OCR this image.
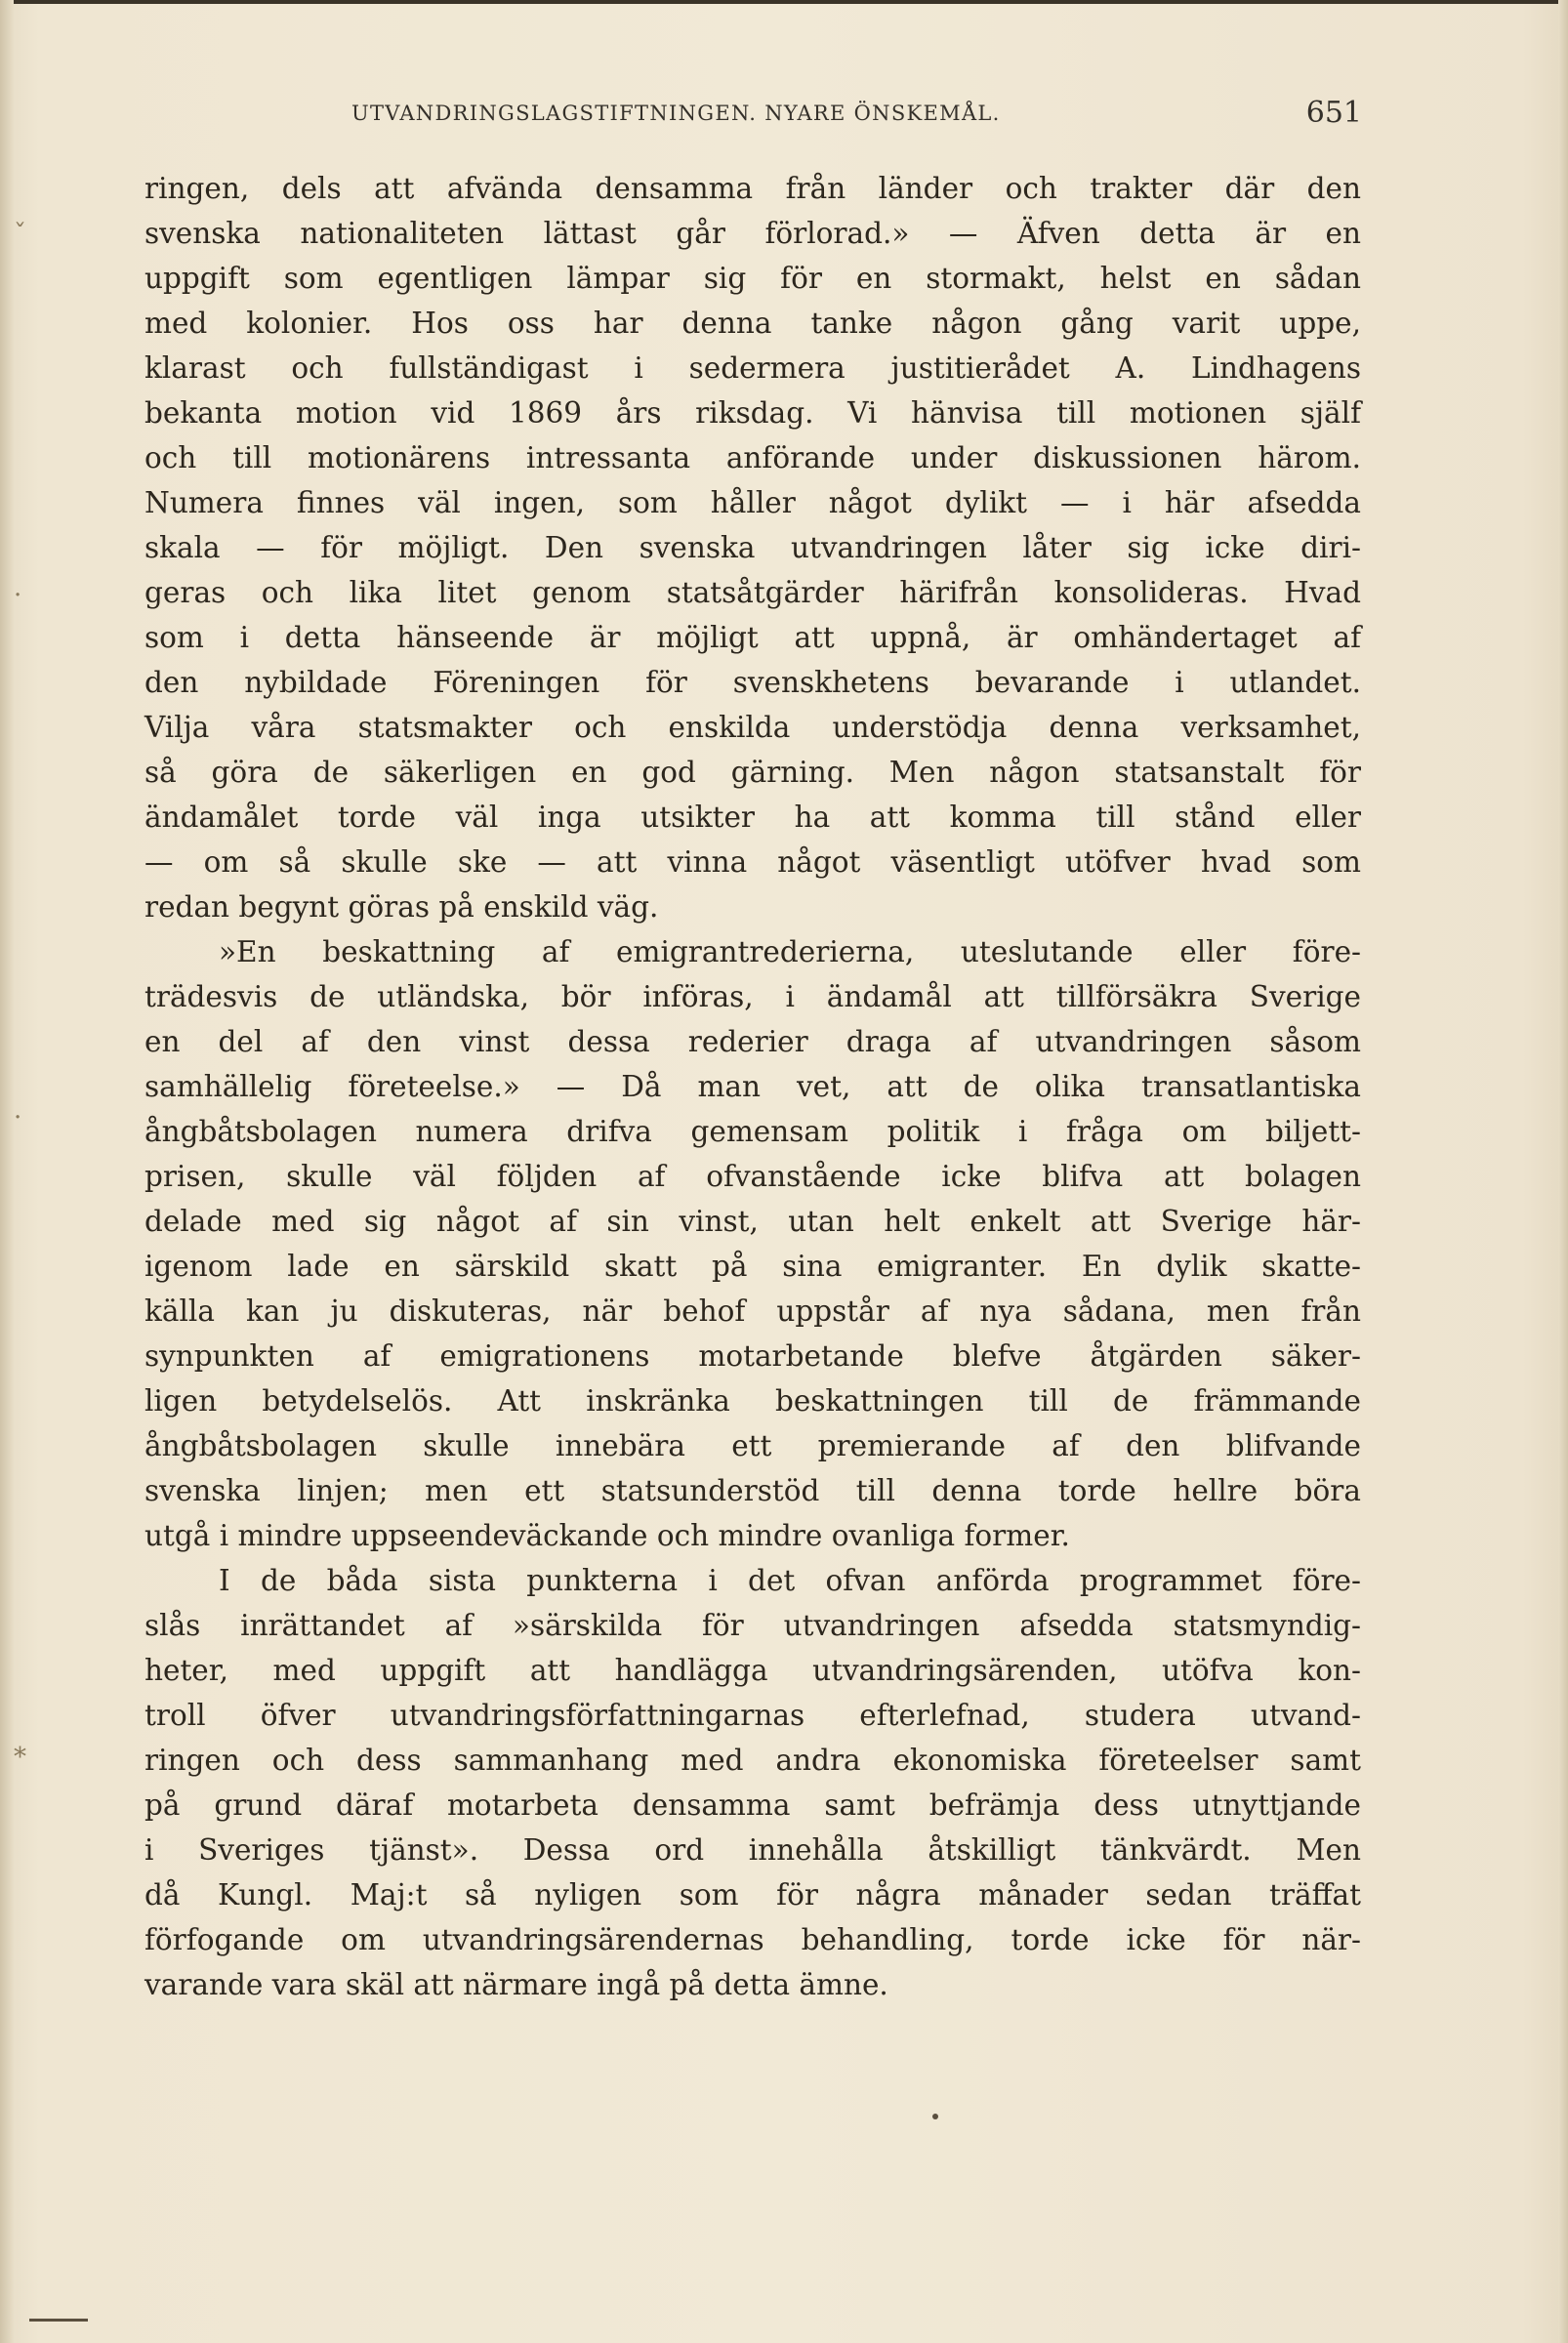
UTVANDRINGSLAGSTIFTNINGEN. NYARE ÖNSKEMÅL.	651
ˇ
·
·
*
ringen, dels att afvända densamma från länder och trakter där den
svenska nationaliteten lättast går förlorad.» — Äfven detta är en
uppgift som egentligen lämpar sig för en stormakt, helst en sådan
med kolonier. Hos oss har denna tanke någon gång varit uppe,
klarast och fullständigast i sedermera justitierådet A. Lindhagens
bekanta motion vid 1869 års riksdag. Vi hänvisa till motionen själf
och till motionärens intressanta anförande under diskussionen härom.
Numera finnes väl ingen, som håller något dylikt — i här afsedda
skala — för möjligt. Den svenska utvandringen låter sig icke diri-
geras och lika litet genom statsåtgärder härifrån konsolideras. Hvad
som i detta hänseende är möjligt att uppnå, är omhändertaget af
den nybildade Föreningen för svenskhetens bevarande i utlandet.
Vilja våra statsmakter och enskilda understödja denna verksamhet,
så göra de säkerligen en god gärning. Men någon statsanstalt för
ändamålet torde väl inga utsikter ha att komma till stånd eller
— om så skulle ske — att vinna något väsentligt utöfver hvad som
redan begynt göras på enskild väg.
»En beskattning af emigrantrederierna, uteslutande eller före-
trädesvis de utländska, bör införas, i ändamål att tillförsäkra Sverige
en del af den vinst dessa rederier draga af utvandringen såsom
samhällelig företeelse.» — Då man vet, att de olika transatlantiska
ångbåtsbolagen numera drifva gemensam politik i fråga om biljett-
prisen, skulle väl följden af ofvanstående icke blifva att bolagen
delade med sig något af sin vinst, utan helt enkelt att Sverige här-
igenom lade en särskild skatt på sina emigranter. En dylik skatte-
källa kan ju diskuteras, när behof uppstår af nya sådana, men från
synpunkten af emigrationens motarbetande blefve åtgärden säker-
ligen betydelselös. Att inskränka beskattningen till de främmande
ångbåtsbolagen skulle innebära ett premierande af den blifvande
svenska linjen; men ett statsunderstöd till denna torde hellre böra
utgå i mindre uppseendeväckande och mindre ovanliga former.
I de båda sista punkterna i det ofvan anförda programmet före-
slås inrättandet af »särskilda för utvandringen afsedda statsmyndig-
heter, med uppgift att handlägga utvandringsärenden, utöfva kon-
troll öfver utvandringsförfattningarnas efterlefnad, studera utvand-
ringen och dess sammanhang med andra ekonomiska företeelser samt
på grund däraf motarbeta densamma samt befrämja dess utnyttjande
i Sveriges tjänst». Dessa ord innehålla åtskilligt tänkvärdt. Men
då Kungl. Maj:t så nyligen som för några månader sedan träffat
förfogande om utvandringsärendernas behandling, torde icke för när-
varande vara skäl att närmare ingå på detta ämne.
